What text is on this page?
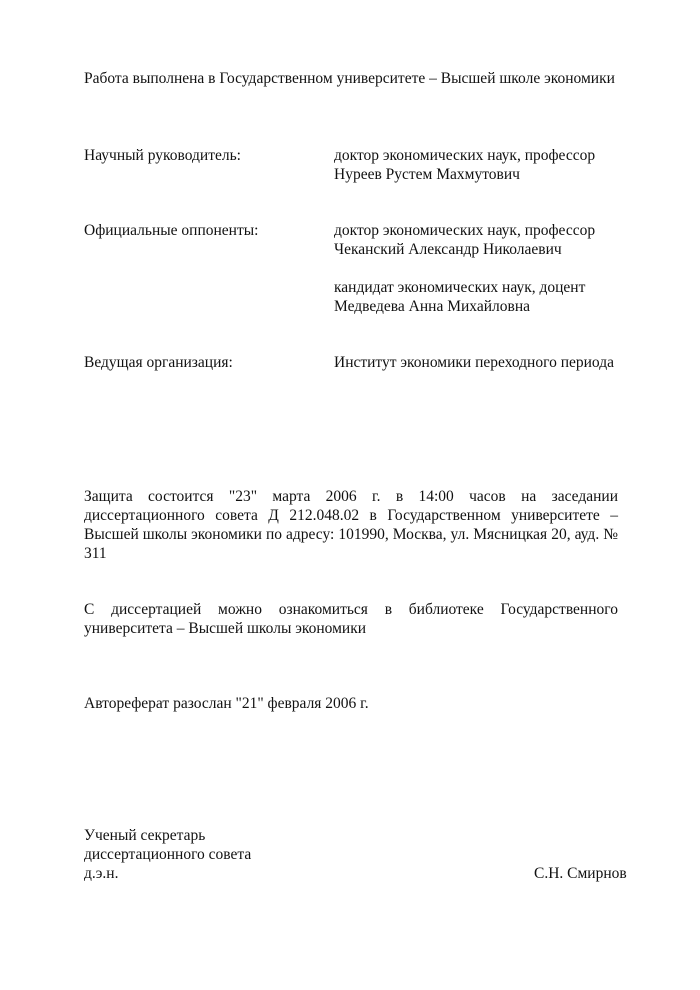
Работа выполнена в Государственном университете – Высшей школе экономики
Научный руководитель:	доктор экономических наук, профессор
Нуреев Рустем Махмутович
Официальные оппоненты:	доктор экономических наук, профессор
Чеканский Александр Николаевич
кандидат экономических наук, доцент
Медведева Анна Михайловна
Ведущая организация:	Институт экономики переходного периода
Защита состоится "23" марта 2006 г. в 14:00 часов на заседании диссертационного совета Д 212.048.02 в Государственном университете – Высшей школы экономики по адресу: 101990, Москва, ул. Мясницкая 20, ауд. № 311
С диссертацией можно ознакомиться в библиотеке Государственного университета – Высшей школы экономики
Автореферат разослан "21" февраля 2006 г.
Ученый секретарь
диссертационного совета
д.э.н.	С.Н. Смирнов
